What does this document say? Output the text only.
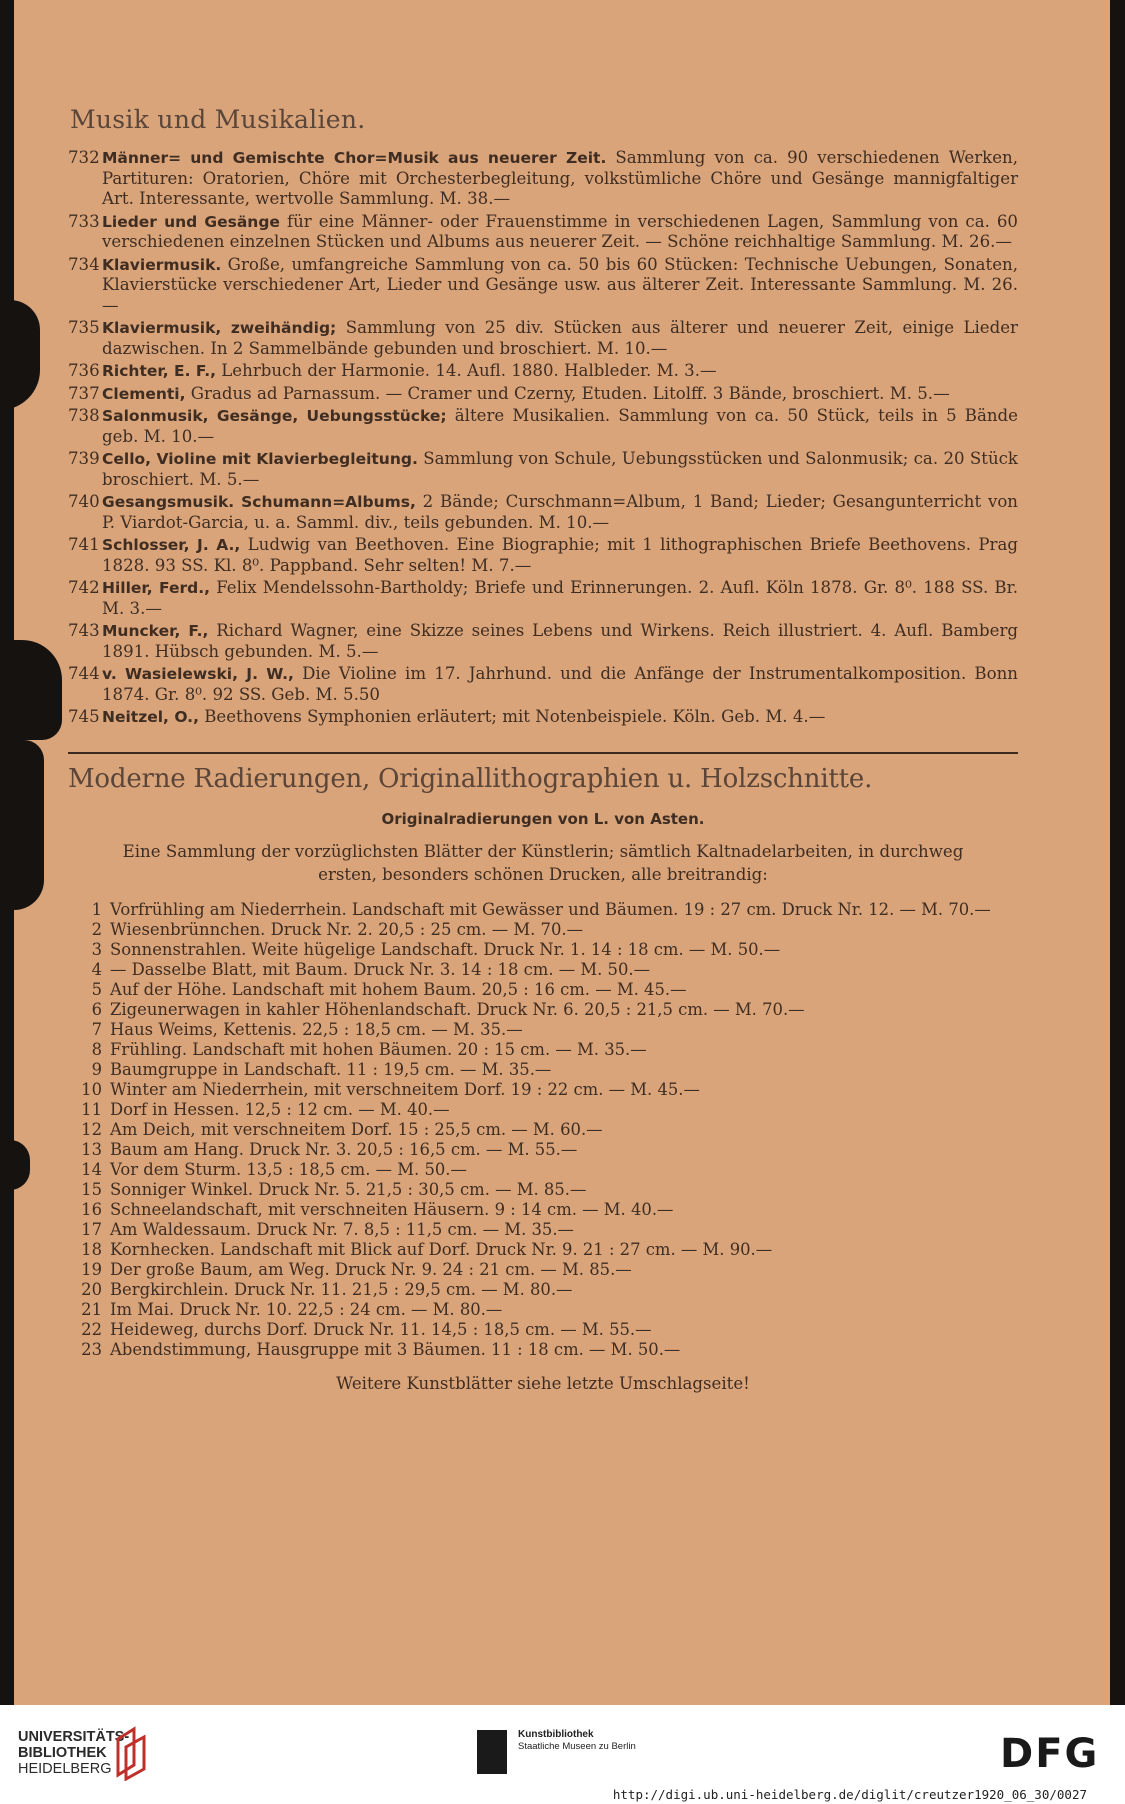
Musik und Musikalien.
732 Männer= und Gemischte Chor=Musik aus neuerer Zeit. Sammlung von ca. 90 verschiedenen Werken, Partituren: Oratorien, Chöre mit Orchesterbegleitung, volkstümliche Chöre und Gesänge mannigfaltiger Art. Interessante, wertvolle Sammlung. M. 38.—
733 Lieder und Gesänge für eine Männer- oder Frauenstimme in verschiedenen Lagen, Sammlung von ca. 60 verschiedenen einzelnen Stücken und Albums aus neuerer Zeit. — Schöne reichhaltige Sammlung. M. 26.—
734 Klaviermusik. Große, umfangreiche Sammlung von ca. 50 bis 60 Stücken: Technische Uebungen, Sonaten, Klavierstücke verschiedener Art, Lieder und Gesänge usw. aus älterer Zeit. Interessante Sammlung. M. 26.—
735 Klaviermusik, zweihändig; Sammlung von 25 div. Stücken aus älterer und neuerer Zeit, einige Lieder dazwischen. In 2 Sammelbände gebunden und broschiert. M. 10.—
736 Richter, E. F., Lehrbuch der Harmonie. 14. Aufl. 1880. Halbleder. M. 3.—
737 Clementi, Gradus ad Parnassum. — Cramer und Czerny, Etuden. Litolff. 3 Bände, broschiert. M. 5.—
738 Salonmusik, Gesänge, Uebungsstücke; ältere Musikalien. Sammlung von ca. 50 Stück, teils in 5 Bände geb. M. 10.—
739 Cello, Violine mit Klavierbegleitung. Sammlung von Schule, Uebungsstücken und Salonmusik; ca. 20 Stück broschiert. M. 5.—
740 Gesangsmusik. Schumann=Albums, 2 Bände; Curschmann=Album, 1 Band; Lieder; Gesangunterricht von P. Viardot-Garcia, u. a. Samml. div., teils gebunden. M. 10.—
741 Schlosser, J. A., Ludwig van Beethoven. Eine Biographie; mit 1 lithographischen Briefe Beethovens. Prag 1828. 93 SS. Kl. 8⁰. Pappband. Sehr selten! M. 7.—
742 Hiller, Ferd., Felix Mendelssohn-Bartholdy; Briefe und Erinnerungen. 2. Aufl. Köln 1878. Gr. 8⁰. 188 SS. Br. M. 3.—
743 Muncker, F., Richard Wagner, eine Skizze seines Lebens und Wirkens. Reich illustriert. 4. Aufl. Bamberg 1891. Hübsch gebunden. M. 5.—
744 v. Wasielewski, J. W., Die Violine im 17. Jahrhund. und die Anfänge der Instrumentalkomposition. Bonn 1874. Gr. 8⁰. 92 SS. Geb. M. 5.50
745 Neitzel, O., Beethovens Symphonien erläutert; mit Notenbeispiele. Köln. Geb. M. 4.—
Moderne Radierungen, Originallithographien u. Holzschnitte.
Originalradierungen von L. von Asten.
Eine Sammlung der vorzüglichsten Blätter der Künstlerin; sämtlich Kaltnadelarbeiten, in durchweg ersten, besonders schönen Drucken, alle breitrandig:
1 Vorfrühling am Niederrhein. Landschaft mit Gewässer und Bäumen. 19 : 27 cm. Druck Nr. 12. — M. 70.—
2 Wiesenbrünnchen. Druck Nr. 2. 20,5 : 25 cm. — M. 70.—
3 Sonnenstrahlen. Weite hügelige Landschaft. Druck Nr. 1. 14 : 18 cm. — M. 50.—
4 — Dasselbe Blatt, mit Baum. Druck Nr. 3. 14 : 18 cm. — M. 50.—
5 Auf der Höhe. Landschaft mit hohem Baum. 20,5 : 16 cm. — M. 45.—
6 Zigeunerwagen in kahler Höhenlandschaft. Druck Nr. 6. 20,5 : 21,5 cm. — M. 70.—
7 Haus Weims, Kettenis. 22,5 : 18,5 cm. — M. 35.—
8 Frühling. Landschaft mit hohen Bäumen. 20 : 15 cm. — M. 35.—
9 Baumgruppe in Landschaft. 11 : 19,5 cm. — M. 35.—
10 Winter am Niederrhein, mit verschneitem Dorf. 19 : 22 cm. — M. 45.—
11 Dorf in Hessen. 12,5 : 12 cm. — M. 40.—
12 Am Deich, mit verschneitem Dorf. 15 : 25,5 cm. — M. 60.—
13 Baum am Hang. Druck Nr. 3. 20,5 : 16,5 cm. — M. 55.—
14 Vor dem Sturm. 13,5 : 18,5 cm. — M. 50.—
15 Sonniger Winkel. Druck Nr. 5. 21,5 : 30,5 cm. — M. 85.—
16 Schneelandschaft, mit verschneiten Häusern. 9 : 14 cm. — M. 40.—
17 Am Waldessaum. Druck Nr. 7. 8,5 : 11,5 cm. — M. 35.—
18 Kornhecken. Landschaft mit Blick auf Dorf. Druck Nr. 9. 21 : 27 cm. — M. 90.—
19 Der große Baum, am Weg. Druck Nr. 9. 24 : 21 cm. — M. 85.—
20 Bergkirchlein. Druck Nr. 11. 21,5 : 29,5 cm. — M. 80.—
21 Im Mai. Druck Nr. 10. 22,5 : 24 cm. — M. 80.—
22 Heideweg, durchs Dorf. Druck Nr. 11. 14,5 : 18,5 cm. — M. 55.—
23 Abendstimmung, Hausgruppe mit 3 Bäumen. 11 : 18 cm. — M. 50.—
Weitere Kunstblätter siehe letzte Umschlagseite!
UNIVERSITÄTS-
BIBLIOTHEK
HEIDELBERG
Kunstbibliothek
Staatliche Museen zu Berlin	DFG
http://digi.ub.uni-heidelberg.de/diglit/creutzer1920_06_30/0027
